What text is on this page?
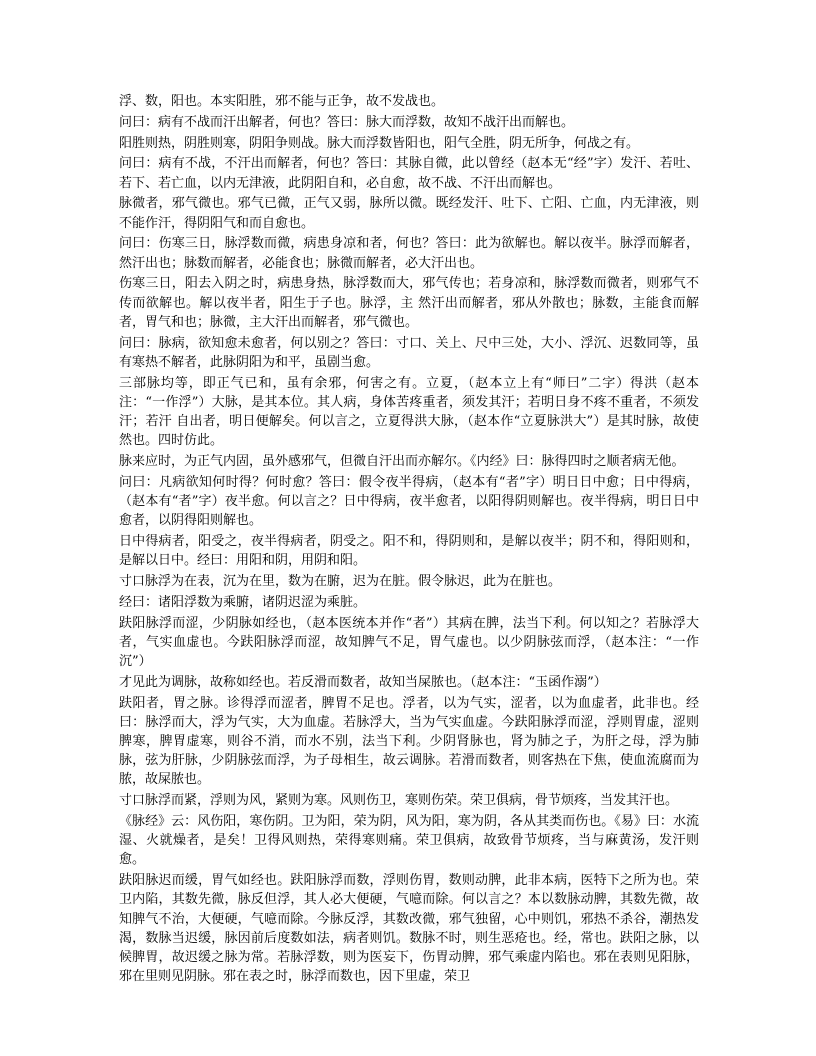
浮、数，阳也。本实阳胜，邪不能与正争，故不发战也。

问曰：病有不战而汗出解者，何也？答曰：脉大而浮数，故知不战汗出而解也。

阳胜则热，阴胜则寒，阴阳争则战。脉大而浮数皆阳也，阳气全胜，阴无所争，何战之有。

问曰：病有不战，不汗出而解者，何也？答曰：其脉自微，此以曾经（赵本无“经”字）发汗、若吐、若下、若亡血，以内无津液，此阴阳自和，必自愈，故不战、不汗出而解也。

脉微者，邪气微也。邪气已微，正气又弱，脉所以微。既经发汗、吐下、亡阳、亡血，内无津液，则不能作汗，得阴阳气和而自愈也。

问曰：伤寒三日，脉浮数而微，病患身凉和者，何也？答曰：此为欲解也。解以夜半。脉浮而解者，然汗出也；脉数而解者，必能食也；脉微而解者，必大汗出也。

伤寒三日，阳去入阴之时，病患身热，脉浮数而大，邪气传也；若身凉和，脉浮数而微者，则邪气不传而欲解也。解以夜半者，阳生于子也。脉浮，主 然汗出而解者，邪从外散也；脉数，主能食而解者，胃气和也；脉微，主大汗出而解者，邪气微也。

问曰：脉病，欲知愈未愈者，何以别之？答曰：寸口、关上、尺中三处，大小、浮沉、迟数同等，虽有寒热不解者，此脉阴阳为和平，虽剧当愈。

三部脉均等，即正气已和，虽有余邪，何害之有。立夏，（赵本立上有“师曰”二字）得洪（赵本注：“一作浮”）大脉，是其本位。其人病，身体苦疼重者，须发其汗；若明日身不疼不重者，不须发汗；若汗 自出者，明日便解矣。何以言之，立夏得洪大脉，（赵本作“立夏脉洪大”）是其时脉，故使然也。四时仿此。

脉来应时，为正气内固，虽外感邪气，但微自汗出而亦解尔。《内经》曰：脉得四时之顺者病无他。

问曰：凡病欲知何时得？何时愈？答曰：假令夜半得病，（赵本有“者”字）明日日中愈；日中得病，（赵本有“者”字）夜半愈。何以言之？日中得病，夜半愈者，以阳得阴则解也。夜半得病，明日日中愈者，以阴得阳则解也。

日中得病者，阳受之，夜半得病者，阴受之。阳不和，得阴则和，是解以夜半；阴不和，得阳则和，是解以日中。经曰：用阳和阴，用阴和阳。

寸口脉浮为在表，沉为在里，数为在腑，迟为在脏。假令脉迟，此为在脏也。

经曰：诸阳浮数为乘腑，诸阴迟涩为乘脏。

趺阳脉浮而涩，少阴脉如经也，（赵本医统本并作“者”）其病在脾，法当下利。何以知之？若脉浮大者，气实血虚也。今趺阳脉浮而涩，故知脾气不足，胃气虚也。以少阴脉弦而浮，（赵本注：“一作沉”）

才见此为调脉，故称如经也。若反滑而数者，故知当屎脓也。（赵本注：“玉函作溺”）

趺阳者，胃之脉。诊得浮而涩者，脾胃不足也。浮者，以为气实，涩者，以为血虚者，此非也。经曰：脉浮而大，浮为气实，大为血虚。若脉浮大，当为气实血虚。今趺阳脉浮而涩，浮则胃虚，涩则脾寒，脾胃虚寒，则谷不消，而水不别，法当下利。少阴肾脉也，肾为肺之子，为肝之母，浮为肺脉，弦为肝脉，少阴脉弦而浮，为子母相生，故云调脉。若滑而数者，则客热在下焦，使血流腐而为脓，故屎脓也。

寸口脉浮而紧，浮则为风，紧则为寒。风则伤卫，寒则伤荣。荣卫俱病，骨节烦疼，当发其汗也。

《脉经》云：风伤阳，寒伤阴。卫为阳，荣为阴，风为阳，寒为阴，各从其类而伤也。《易》曰：水流湿、火就燥者，是矣！卫得风则热，荣得寒则痛。荣卫俱病，故致骨节烦疼，当与麻黄汤，发汗则愈。

趺阳脉迟而缓，胃气如经也。趺阳脉浮而数，浮则伤胃，数则动脾，此非本病，医特下之所为也。荣卫内陷，其数先微，脉反但浮，其人必大便硬，气噫而除。何以言之？本以数脉动脾，其数先微，故知脾气不治，大便硬，气噫而除。今脉反浮，其数改微，邪气独留，心中则饥，邪热不杀谷，潮热发渴，数脉当迟缓，脉因前后度数如法，病者则饥。数脉不时，则生恶疮也。经，常也。趺阳之脉，以候脾胃，故迟缓之脉为常。若脉浮数，则为医妄下，伤胃动脾，邪气乘虚内陷也。邪在表则见阳脉，邪在里则见阴脉。邪在表之时，脉浮而数也，因下里虚，荣卫
